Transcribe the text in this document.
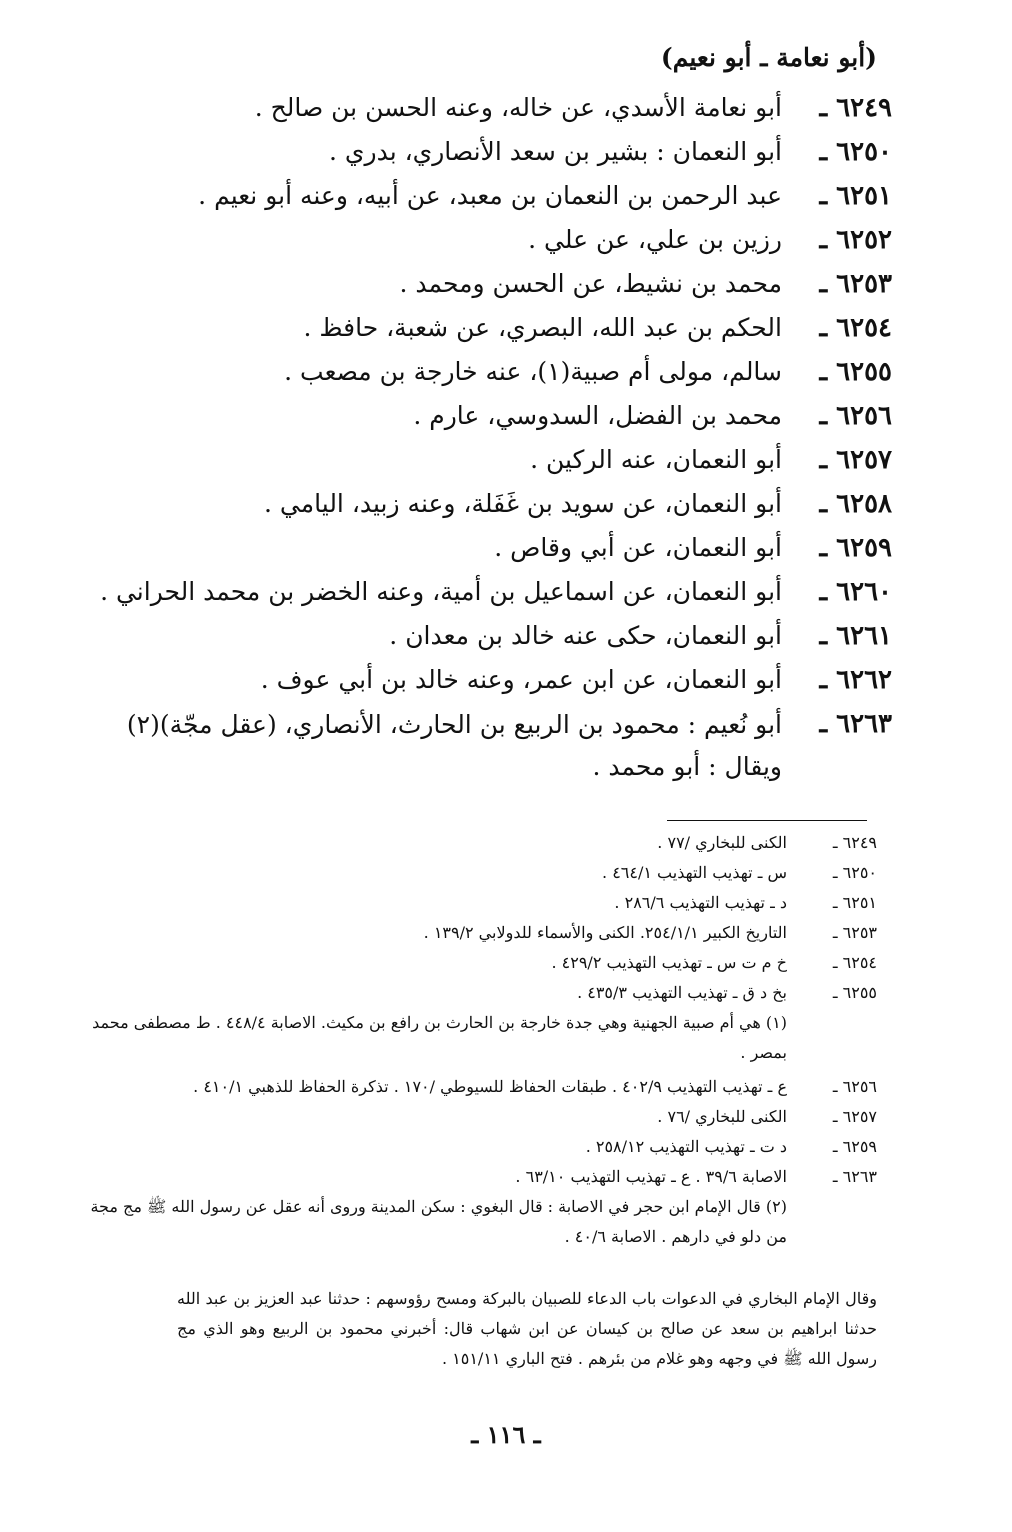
(أبو نعامة ـ أبو نعيم)
٦٢٤٩ ـ
أبو نعامة الأسدي، عن خاله، وعنه الحسن بن صالح .
٦٢٥٠ ـ
أبو النعمان : بشير بن سعد الأنصاري، بدري .
٦٢٥١ ـ
عبد الرحمن بن النعمان بن معبد، عن أبيه، وعنه أبو نعيم .
٦٢٥٢ ـ
رزين بن علي، عن علي .
٦٢٥٣ ـ
محمد بن نشيط، عن الحسن ومحمد .
٦٢٥٤ ـ
الحكم بن عبد الله، البصري، عن شعبة، حافظ .
٦٢٥٥ ـ
سالم، مولى أم صبية(١)، عنه خارجة بن مصعب .
٦٢٥٦ ـ
محمد بن الفضل، السدوسي، عارم .
٦٢٥٧ ـ
أبو النعمان، عنه الركين .
٦٢٥٨ ـ
أبو النعمان، عن سويد بن غَفَلة، وعنه زبيد، اليامي .
٦٢٥٩ ـ
أبو النعمان، عن أبي وقاص .
٦٢٦٠ ـ
أبو النعمان، عن اسماعيل بن أمية، وعنه الخضر بن محمد الحراني .
٦٢٦١ ـ
أبو النعمان، حكى عنه خالد بن معدان .
٦٢٦٢ ـ
أبو النعمان، عن ابن عمر، وعنه خالد بن أبي عوف .
٦٢٦٣ ـ
أبو نُعيم : محمود بن الربيع بن الحارث، الأنصاري، (عقل مجّة)(٢) ويقال : أبو محمد .
٦٢٤٩ ـ
الكنى للبخاري /٧٧ .
٦٢٥٠ ـ
س ـ تهذيب التهذيب ٤٦٤/١ .
٦٢٥١ ـ
د ـ تهذيب التهذيب ٢٨٦/٦ .
٦٢٥٣ ـ
التاريخ الكبير ٢٥٤/١/١. الكنى والأسماء للدولابي ١٣٩/٢ .
٦٢٥٤ ـ
خ م ت س ـ تهذيب التهذيب ٤٢٩/٢ .
٦٢٥٥ ـ
بخ د ق ـ تهذيب التهذيب ٤٣٥/٣ .

(١) هي أم صبية الجهنية وهي جدة خارجة بن الحارث بن رافع بن مكيث. الاصابة ٤٤٨/٤ . ط مصطفى محمد بمصر .

٦٢٥٦ ـ
ع ـ تهذيب التهذيب ٤٠٢/٩ . طبقات الحفاظ للسيوطي /١٧٠ . تذكرة الحفاظ للذهبي ٤١٠/١ .
٦٢٥٧ ـ
الكنى للبخاري /٧٦ .
٦٢٥٩ ـ
د ت ـ تهذيب التهذيب ٢٥٨/١٢ .
٦٢٦٣ ـ
الاصابة ٣٩/٦ . ع ـ تهذيب التهذيب ٦٣/١٠ .

(٢) قال الإمام ابن حجر في الاصابة : قال البغوي : سكن المدينة وروى أنه عقل عن رسول الله ﷺ مج مجة من دلو في دارهم . الاصابة ٤٠/٦ .

وقال الإمام البخاري في الدعوات باب الدعاء للصبيان بالبركة ومسح رؤوسهم : حدثنا عبد العزيز بن عبد الله حدثنا ابراهيم بن سعد عن صالح بن كيسان عن ابن شهاب قال: أخبرني محمود بن الربيع وهو الذي مج رسول الله ﷺ في وجهه وهو غلام من بئرهم . فتح الباري ١٥١/١١ .

ـ ١١٦ ـ
